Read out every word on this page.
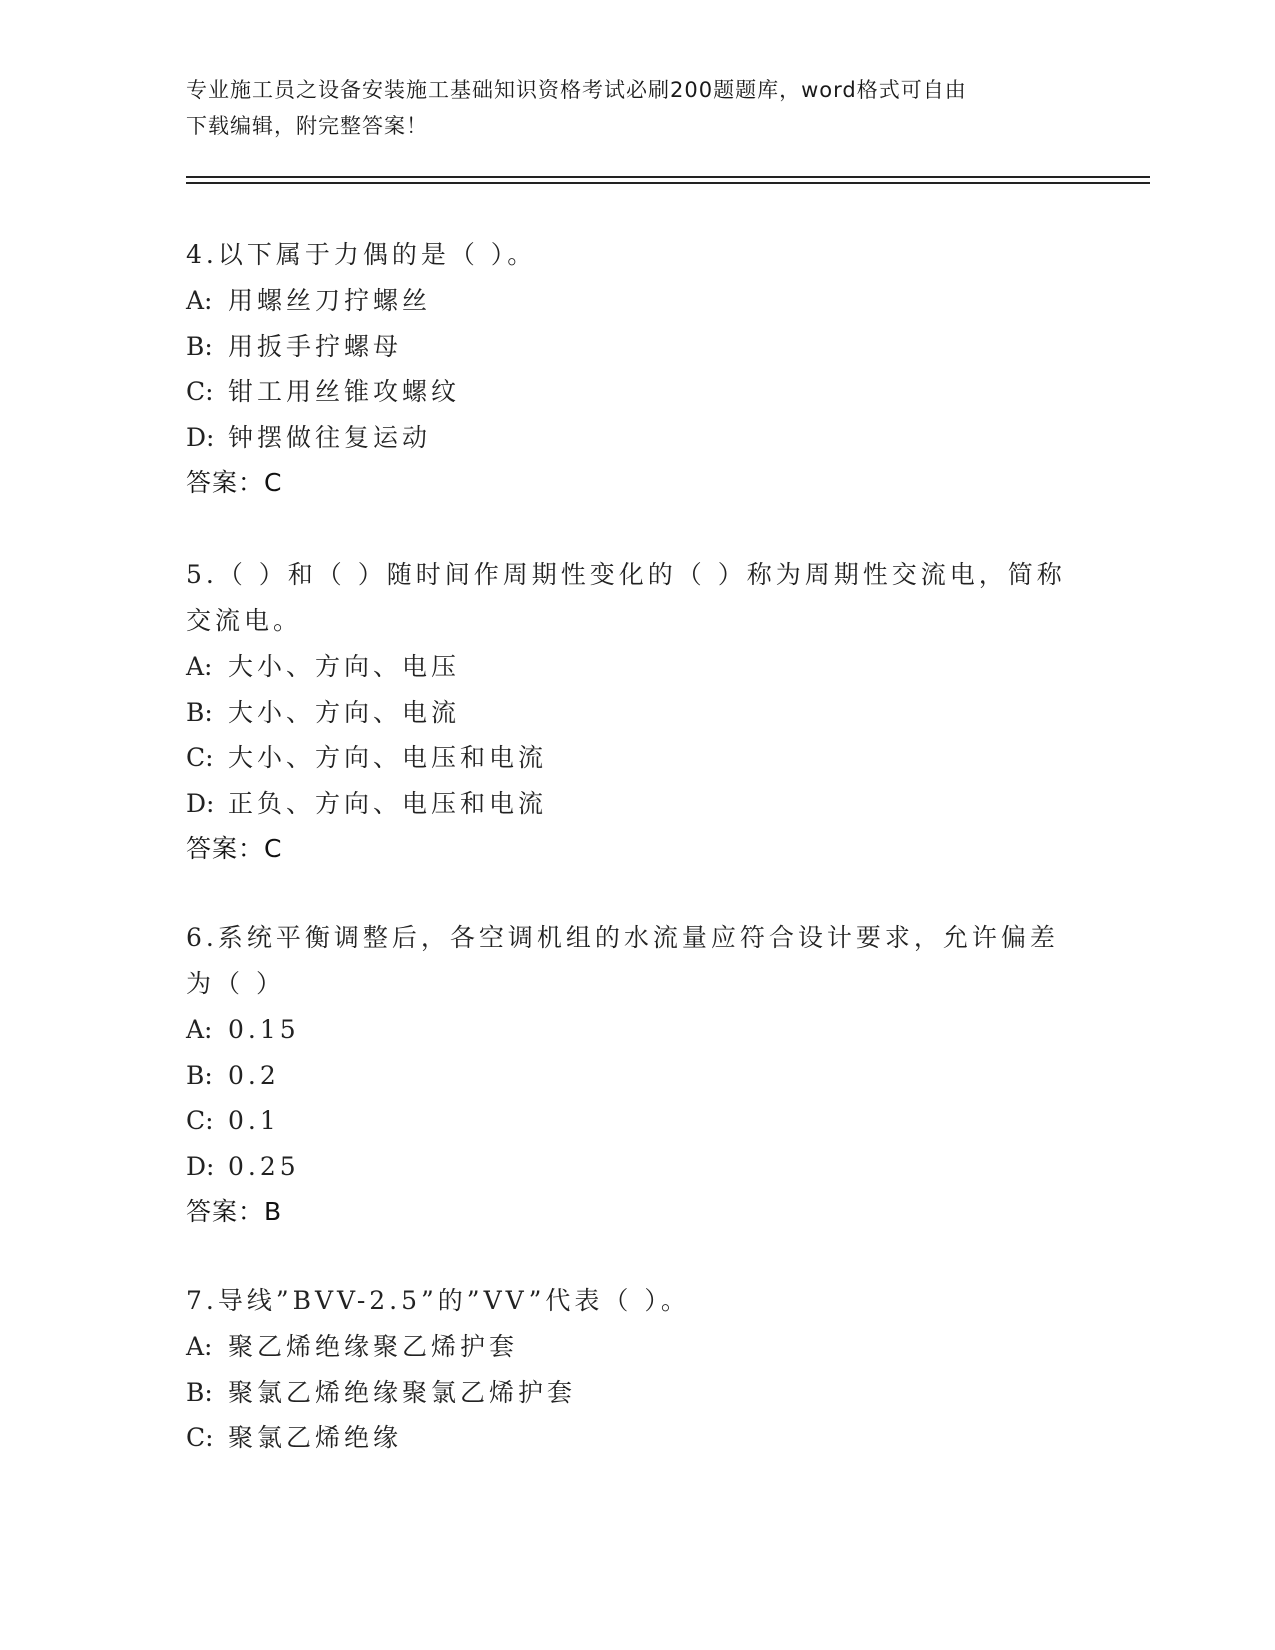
专业施工员之设备安装施工基础知识资格考试必刷200题题库，word格式可自由
下载编辑，附完整答案！
4.以下属于力偶的是（ ）。
A: 用螺丝刀拧螺丝
B: 用扳手拧螺母
C: 钳工用丝锥攻螺纹
D: 钟摆做往复运动
答案：C
5.（ ）和（ ）随时间作周期性变化的（ ）称为周期性交流电，简称交流电。
A: 大小、方向、电压
B: 大小、方向、电流
C: 大小、方向、电压和电流
D: 正负、方向、电压和电流
答案：C
6.系统平衡调整后，各空调机组的水流量应符合设计要求，允许偏差为（ ）
A: 0.15
B: 0.2
C: 0.1
D: 0.25
答案：B
7.导线”BVV-2.5”的”VV”代表（ ）。
A: 聚乙烯绝缘聚乙烯护套
B: 聚氯乙烯绝缘聚氯乙烯护套
C: 聚氯乙烯绝缘
